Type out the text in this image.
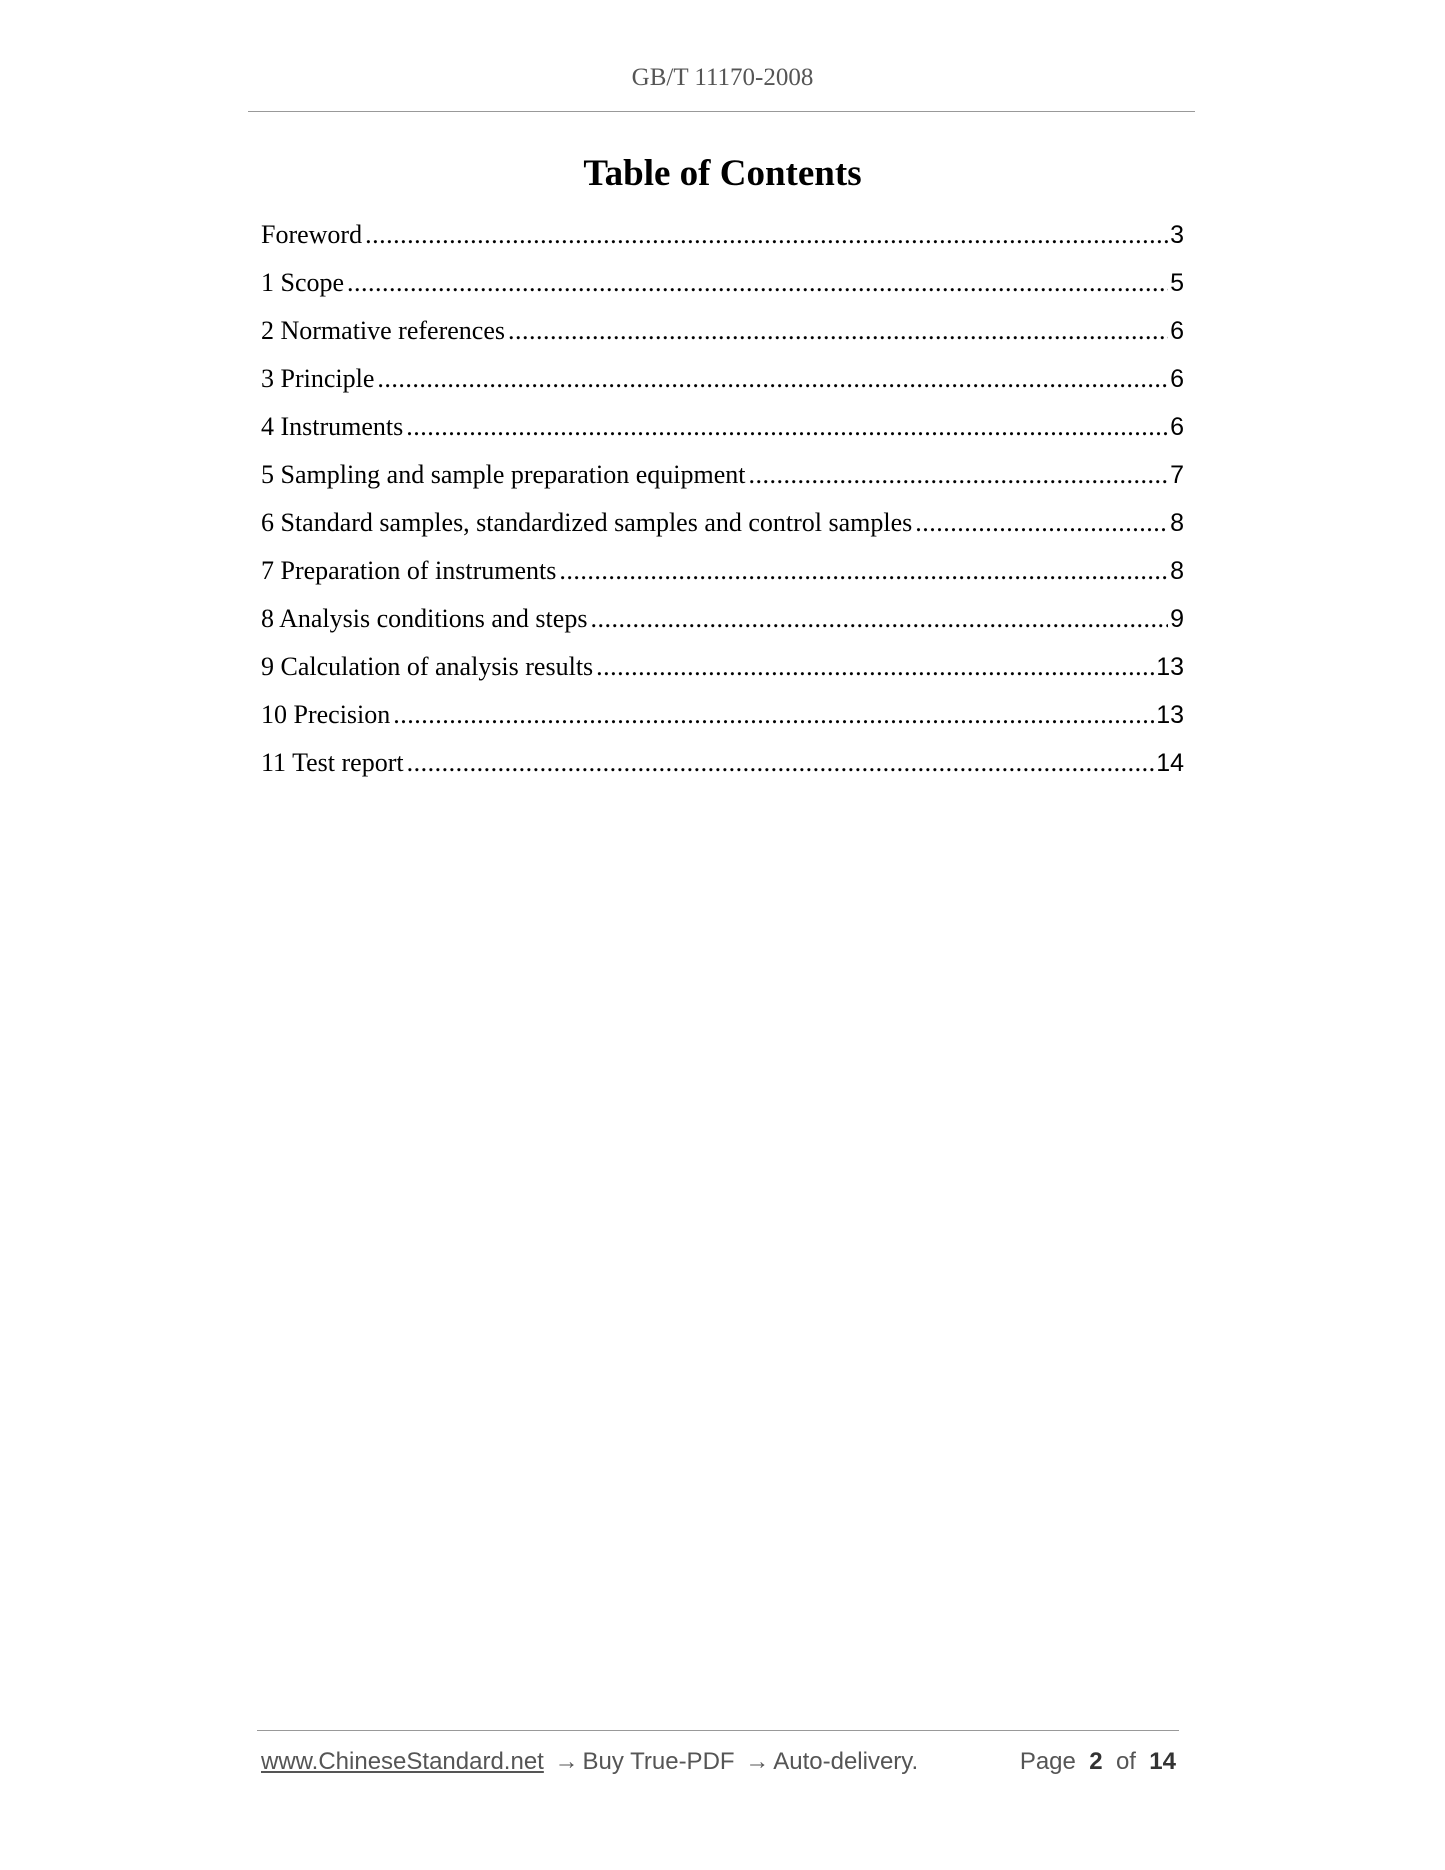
GB/T 11170-2008
Table of Contents
Foreword .....	3
1 Scope .....	5
2 Normative references .....	6
3 Principle .....	6
4 Instruments .....	6
5 Sampling and sample preparation equipment .....	7
6 Standard samples, standardized samples and control samples .....	8
7 Preparation of instruments .....	8
8 Analysis conditions and steps .....	9
9 Calculation of analysis results .....	13
10 Precision .....	13
11 Test report .....	14
www.ChineseStandard.net → Buy True-PDF → Auto-delivery.	Page 2 of 14
